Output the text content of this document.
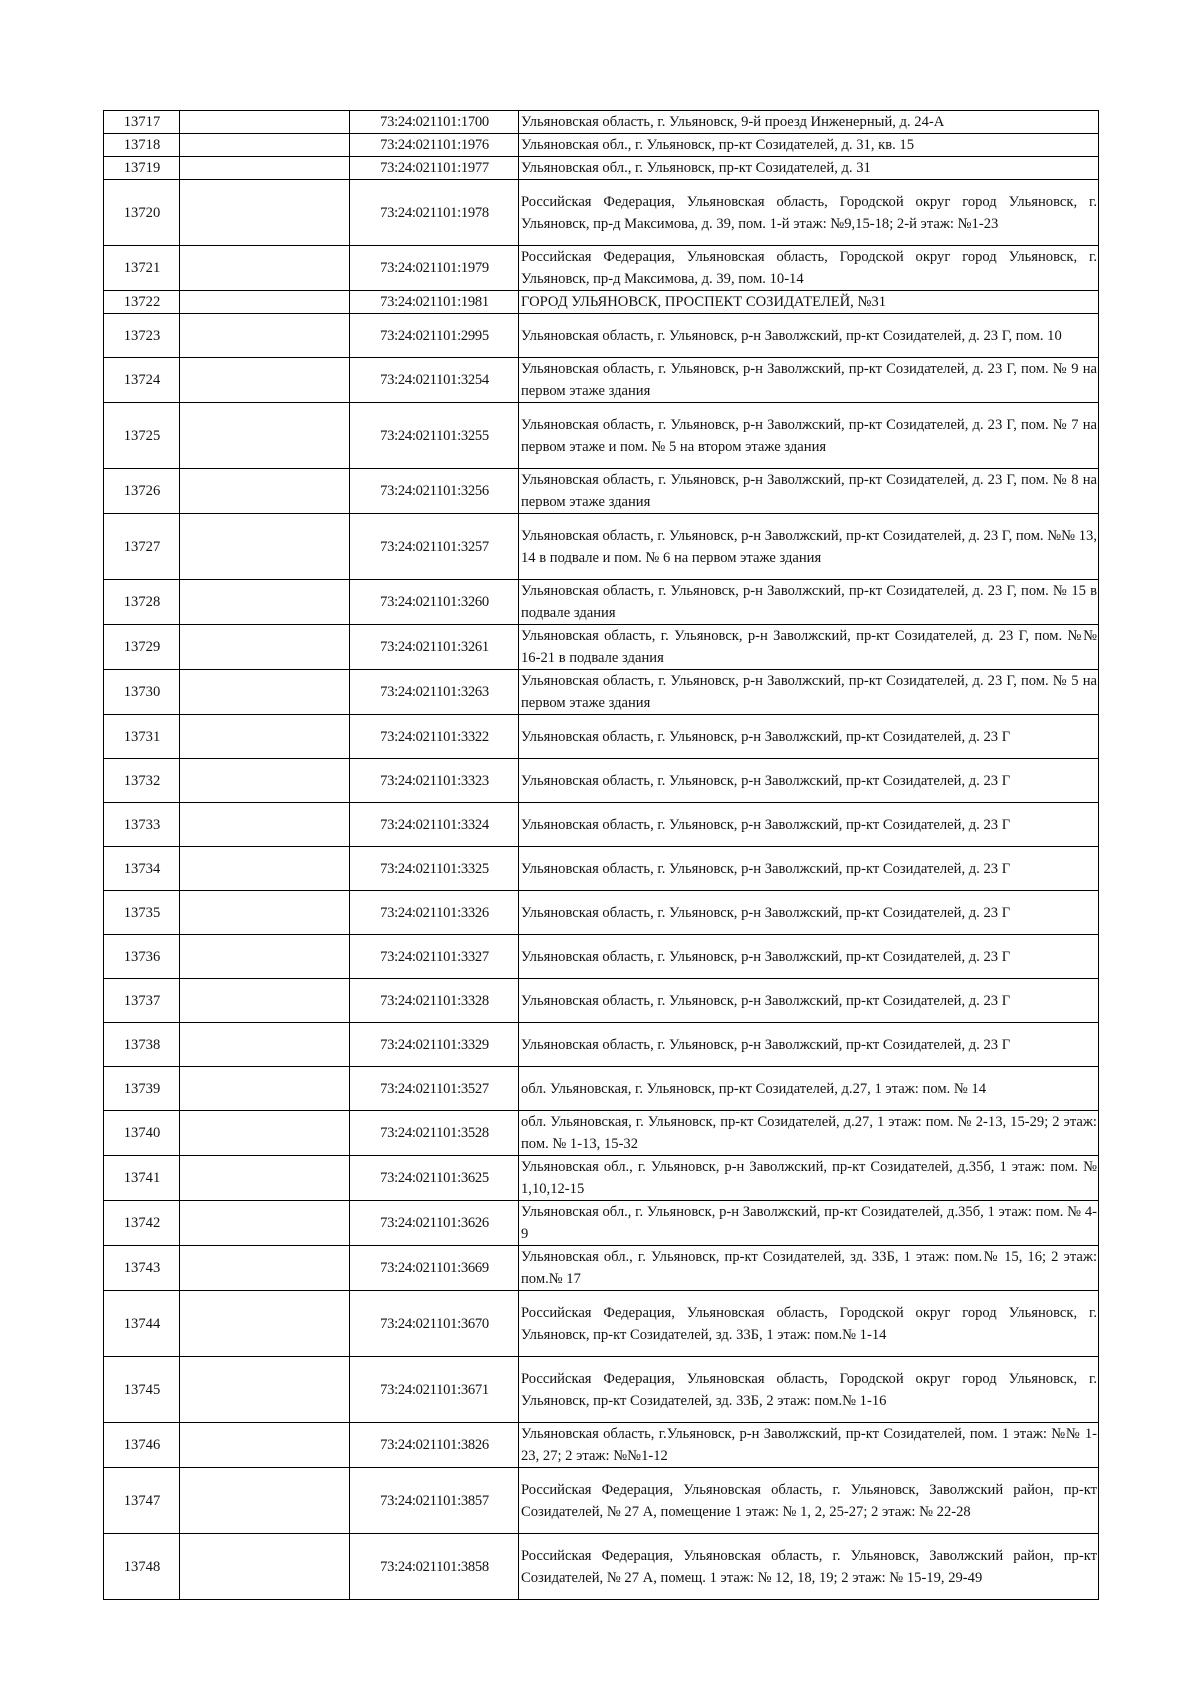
13717		73:24:021101:1700	Ульяновская область, г. Ульяновск, 9-й проезд Инженерный, д. 24-А
13718		73:24:021101:1976	Ульяновская обл., г. Ульяновск, пр-кт Созидателей, д. 31, кв. 15
13719		73:24:021101:1977	Ульяновская обл., г. Ульяновск, пр-кт Созидателей, д. 31
13720		73:24:021101:1978	Российская Федерация, Ульяновская область, Городской округ город Ульяновск, г. Ульяновск, пр-д Максимова, д. 39, пом. 1-й этаж: №9,15-18; 2-й этаж: №1-23
13721		73:24:021101:1979	Российская Федерация, Ульяновская область, Городской округ город Ульяновск, г. Ульяновск, пр-д Максимова, д. 39, пом. 10-14
13722		73:24:021101:1981	ГОРОД УЛЬЯНОВСК, ПРОСПЕКТ СОЗИДАТЕЛЕЙ, №31
13723		73:24:021101:2995	Ульяновская область, г. Ульяновск, р-н Заволжский, пр-кт Созидателей, д. 23 Г, пом. 10
13724		73:24:021101:3254	Ульяновская область, г. Ульяновск, р-н Заволжский, пр-кт Созидателей, д. 23 Г, пом. № 9 на первом этаже здания
13725		73:24:021101:3255	Ульяновская область, г. Ульяновск, р-н Заволжский, пр-кт Созидателей, д. 23 Г, пом. № 7 на первом этаже и пом. № 5 на втором этаже здания
13726		73:24:021101:3256	Ульяновская область, г. Ульяновск, р-н Заволжский, пр-кт Созидателей, д. 23 Г, пом. № 8 на первом этаже здания
13727		73:24:021101:3257	Ульяновская область, г. Ульяновск, р-н Заволжский, пр-кт Созидателей, д. 23 Г, пом. №№ 13, 14 в подвале и пом. № 6 на первом этаже здания
13728		73:24:021101:3260	Ульяновская область, г. Ульяновск, р-н Заволжский, пр-кт Созидателей, д. 23 Г, пом. № 15 в подвале здания
13729		73:24:021101:3261	Ульяновская область, г. Ульяновск, р-н Заволжский, пр-кт Созидателей, д. 23 Г, пом. №№ 16-21 в подвале здания
13730		73:24:021101:3263	Ульяновская область, г. Ульяновск, р-н Заволжский, пр-кт Созидателей, д. 23 Г, пом. № 5 на первом этаже здания
13731		73:24:021101:3322	Ульяновская область, г. Ульяновск, р-н Заволжский, пр-кт Созидателей, д. 23 Г
13732		73:24:021101:3323	Ульяновская область, г. Ульяновск, р-н Заволжский, пр-кт Созидателей, д. 23 Г
13733		73:24:021101:3324	Ульяновская область, г. Ульяновск, р-н Заволжский, пр-кт Созидателей, д. 23 Г
13734		73:24:021101:3325	Ульяновская область, г. Ульяновск, р-н Заволжский, пр-кт Созидателей, д. 23 Г
13735		73:24:021101:3326	Ульяновская область, г. Ульяновск, р-н Заволжский, пр-кт Созидателей, д. 23 Г
13736		73:24:021101:3327	Ульяновская область, г. Ульяновск, р-н Заволжский, пр-кт Созидателей, д. 23 Г
13737		73:24:021101:3328	Ульяновская область, г. Ульяновск, р-н Заволжский, пр-кт Созидателей, д. 23 Г
13738		73:24:021101:3329	Ульяновская область, г. Ульяновск, р-н Заволжский, пр-кт Созидателей, д. 23 Г
13739		73:24:021101:3527	обл. Ульяновская, г. Ульяновск, пр-кт Созидателей, д.27, 1 этаж: пом. № 14
13740		73:24:021101:3528	обл. Ульяновская, г. Ульяновск, пр-кт Созидателей, д.27, 1 этаж: пом. № 2-13, 15-29; 2 этаж: пом. № 1-13, 15-32
13741		73:24:021101:3625	Ульяновская обл., г. Ульяновск, р-н Заволжский, пр-кт Созидателей, д.35б, 1 этаж: пом. № 1,10,12-15
13742		73:24:021101:3626	Ульяновская обл., г. Ульяновск, р-н Заволжский, пр-кт Созидателей, д.35б, 1 этаж: пом. № 4-9
13743		73:24:021101:3669	Ульяновская обл., г. Ульяновск, пр-кт Созидателей, зд. 33Б, 1 этаж: пом.№ 15, 16; 2 этаж: пом.№ 17
13744		73:24:021101:3670	Российская Федерация, Ульяновская область, Городской округ город Ульяновск, г. Ульяновск, пр-кт Созидателей, зд. 33Б, 1 этаж: пом.№ 1-14
13745		73:24:021101:3671	Российская Федерация, Ульяновская область, Городской округ город Ульяновск, г. Ульяновск, пр-кт Созидателей, зд. 33Б, 2 этаж: пом.№ 1-16
13746		73:24:021101:3826	Ульяновская область, г.Ульяновск, р-н Заволжский, пр-кт Созидателей, пом. 1 этаж: №№ 1-23, 27; 2 этаж: №№1-12
13747		73:24:021101:3857	Российская Федерация, Ульяновская область, г. Ульяновск, Заволжский район, пр-кт Созидателей, № 27 А, помещение 1 этаж: № 1, 2, 25-27; 2 этаж: № 22-28
13748		73:24:021101:3858	Российская Федерация, Ульяновская область, г. Ульяновск, Заволжский район, пр-кт Созидателей, № 27 А, помещ. 1 этаж: № 12, 18, 19; 2 этаж: № 15-19, 29-49
